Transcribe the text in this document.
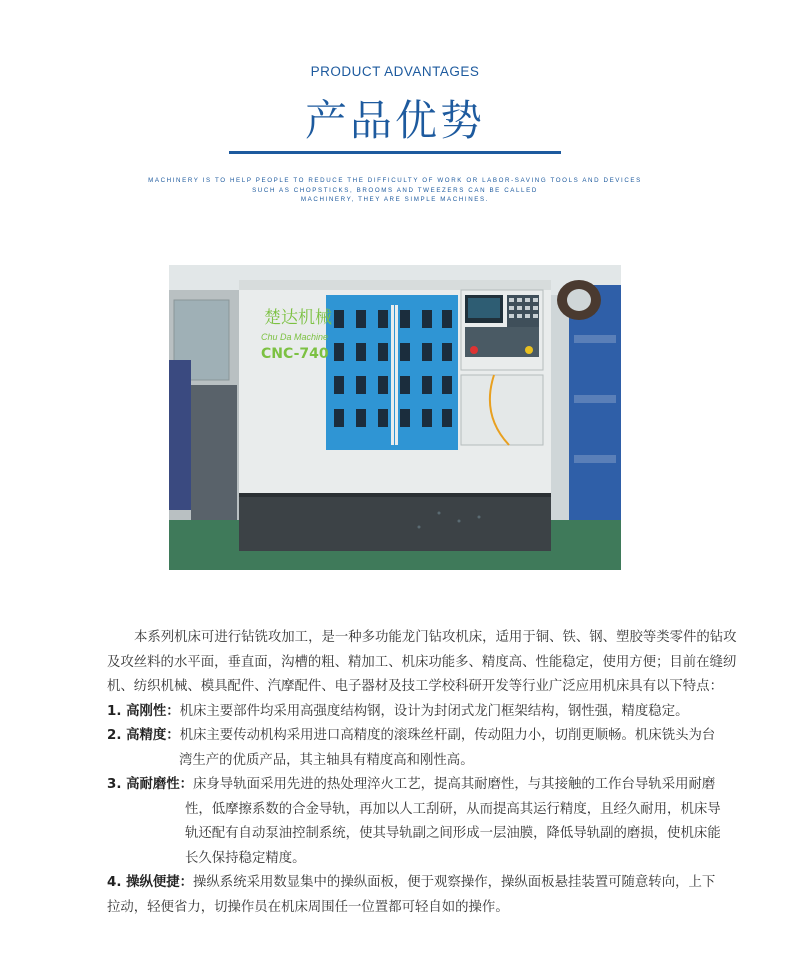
PRODUCT ADVANTAGES
产品优势
MACHINERY IS TO HELP PEOPLE TO REDUCE THE DIFFICULTY OF WORK OR LABOR-SAVING TOOLS AND DEVICES
SUCH AS CHOPSTICKS, BROOMS AND TWEEZERS CAN BE CALLED
MACHINERY, THEY ARE SIMPLE MACHINES.
楚达机械
Chu Da Machine
CNC-740

本系列机床可进行钻铣攻加工，是一种多功能龙门钻攻机床，适用于铜、铁、钢、塑胶等类零件的钻攻及攻丝料的水平面，垂直面，沟槽的粗、精加工、机床功能多、精度高、性能稳定，使用方便；目前在缝纫机、纺织机械、模具配件、汽摩配件、电子器材及技工学校科研开发等行业广泛应用机床具有以下特点：

1. 高刚性：机床主要部件均采用高强度结构钢，设计为封闭式龙门框架结构，钢性强，精度稳定。
2. 高精度：机床主要传动机构采用进口高精度的滚珠丝杆副，传动阻力小，切削更顺畅。机床铣头为台
湾生产的优质产品，其主轴具有精度高和刚性高。
3. 高耐磨性：床身导轨面采用先进的热处理淬火工艺，提高其耐磨性，与其接触的工作台导轨采用耐磨
性，低摩擦系数的合金导轨，再加以人工刮研，从而提高其运行精度，且经久耐用，机床导
轨还配有自动泵油控制系统，使其导轨副之间形成一层油膜，降低导轨副的磨损，使机床能
长久保持稳定精度。
4. 操纵便捷：操纵系统采用数显集中的操纵面板，便于观察操作，操纵面板悬挂装置可随意转向，上下
拉动，轻便省力，切操作员在机床周围任一位置都可轻自如的操作。
